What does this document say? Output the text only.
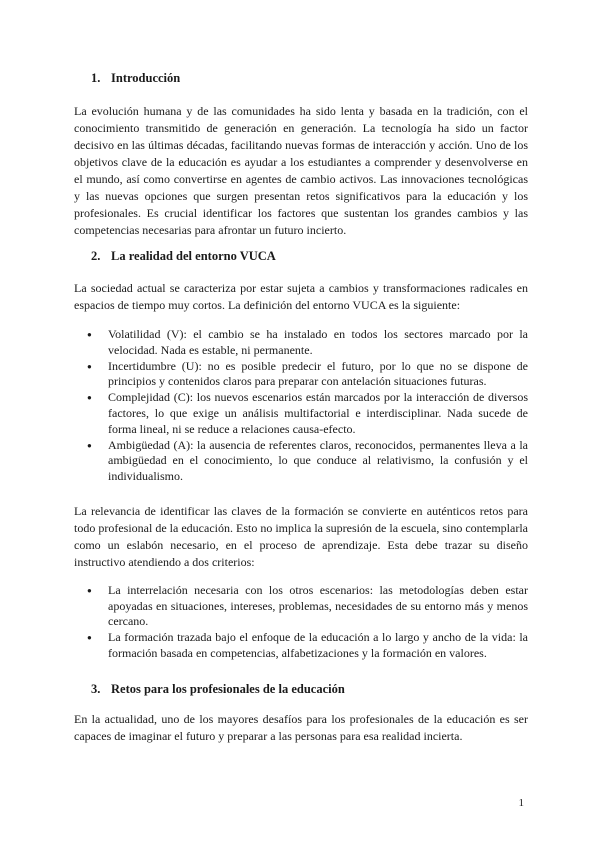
1. Introducción

La evolución humana y de las comunidades ha sido lenta y basada en la tradición, con el conocimiento transmitido de generación en generación. La tecnología ha sido un factor decisivo en las últimas décadas, facilitando nuevas formas de interacción y acción. Uno de los objetivos clave de la educación es ayudar a los estudiantes a comprender y desenvolverse en el mundo, así como convertirse en agentes de cambio activos. Las innovaciones tecnológicas y las nuevas opciones que surgen presentan retos significativos para la educación y los profesionales. Es crucial identificar los factores que sustentan los grandes cambios y las competencias necesarias para afrontar un futuro incierto.

2. La realidad del entorno VUCA

La sociedad actual se caracteriza por estar sujeta a cambios y transformaciones radicales en espacios de tiempo muy cortos. La definición del entorno VUCA es la siguiente:

● Volatilidad (V): el cambio se ha instalado en todos los sectores marcado por la velocidad. Nada es estable, ni permanente.
● Incertidumbre (U): no es posible predecir el futuro, por lo que no se dispone de principios y contenidos claros para preparar con antelación situaciones futuras.
● Complejidad (C): los nuevos escenarios están marcados por la interacción de diversos factores, lo que exige un análisis multifactorial e interdisciplinar. Nada sucede de forma lineal, ni se reduce a relaciones causa-efecto.
● Ambigüedad (A): la ausencia de referentes claros, reconocidos, permanentes lleva a la ambigüedad en el conocimiento, lo que conduce al relativismo, la confusión y el individualismo.

La relevancia de identificar las claves de la formación se convierte en auténticos retos para todo profesional de la educación. Esto no implica la supresión de la escuela, sino contemplarla como un eslabón necesario, en el proceso de aprendizaje. Esta debe trazar su diseño instructivo atendiendo a dos criterios:

● La interrelación necesaria con los otros escenarios: las metodologías deben estar apoyadas en situaciones, intereses, problemas, necesidades de su entorno más y menos cercano.
● La formación trazada bajo el enfoque de la educación a lo largo y ancho de la vida: la formación basada en competencias, alfabetizaciones y la formación en valores.
3. Retos para los profesionales de la educación

En la actualidad, uno de los mayores desafíos para los profesionales de la educación es ser capaces de imaginar el futuro y preparar a las personas para esa realidad incierta.

1
